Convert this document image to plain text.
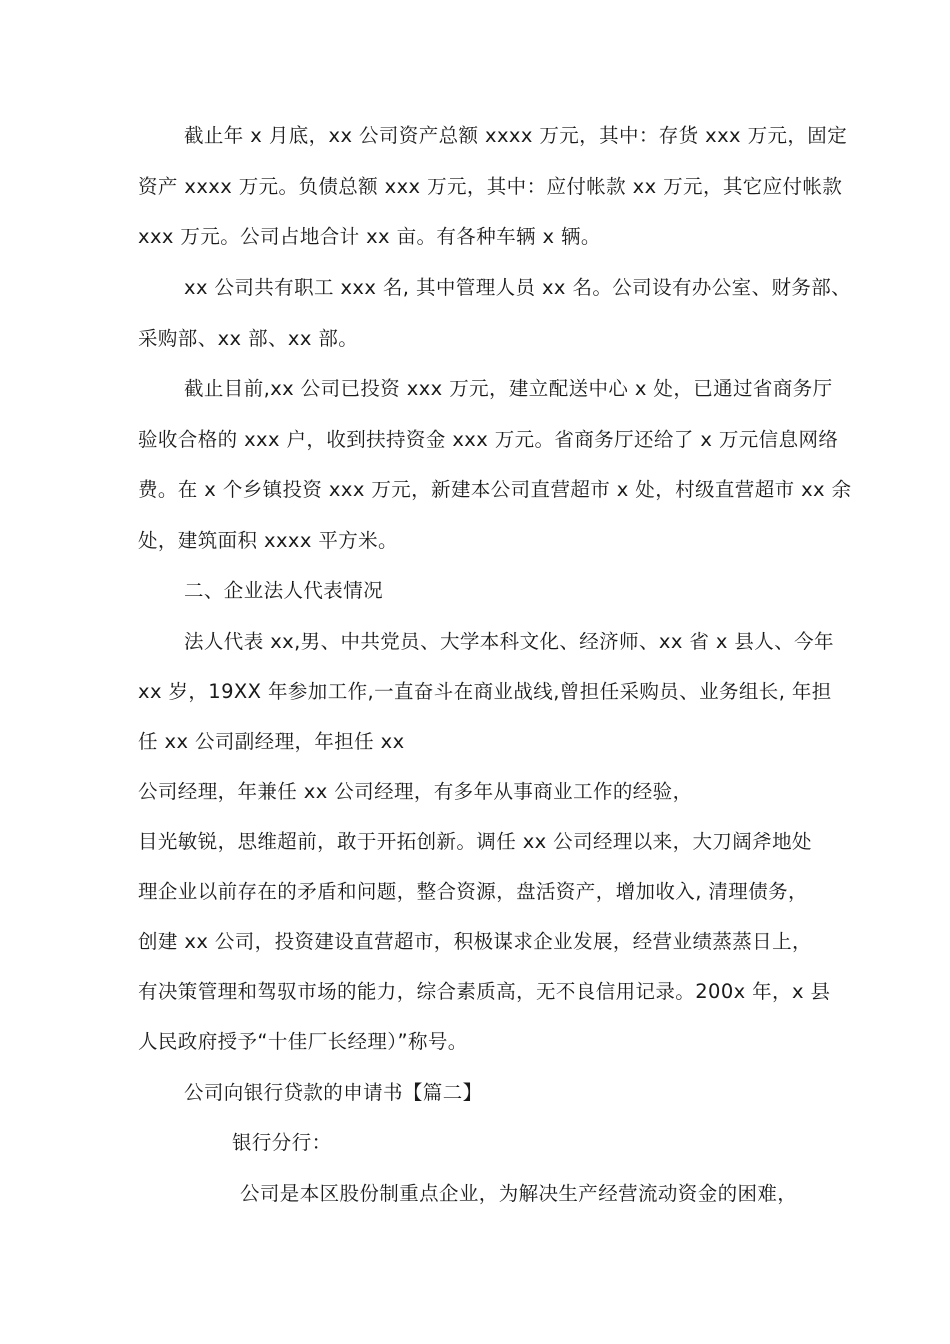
截止年 x 月底，xx 公司资产总额 xxxx 万元，其中：存货 xxx 万元，固定
资产 xxxx 万元。负债总额 xxx 万元，其中：应付帐款 xx 万元，其它应付帐款
xxx 万元。公司占地合计 xx 亩。有各种车辆 x 辆。
xx 公司共有职工 xxx 名, 其中管理人员 xx 名。公司设有办公室、财务部、
采购部、xx 部、xx 部。
截止目前,xx 公司已投资 xxx 万元，建立配送中心 x 处，已通过省商务厅
验收合格的 xxx 户，收到扶持资金 xxx 万元。省商务厅还给了 x 万元信息网络
费。在 x 个乡镇投资 xxx 万元，新建本公司直营超市 x 处，村级直营超市 xx 余
处，建筑面积 xxxx 平方米。
二、企业法人代表情况
法人代表 xx,男、中共党员、大学本科文化、经济师、xx 省 x 县人、今年
xx 岁，19XX 年参加工作,一直奋斗在商业战线,曾担任采购员、业务组长, 年担
任 xx 公司副经理，年担任 xx
公司经理，年兼任 xx 公司经理，有多年从事商业工作的经验，
目光敏锐，思维超前，敢于开拓创新。调任 xx 公司经理以来，大刀阔斧地处
理企业以前存在的矛盾和问题，整合资源，盘活资产，增加收入, 清理债务，
创建 xx 公司，投资建设直营超市，积极谋求企业发展，经营业绩蒸蒸日上，
有决策管理和驾驭市场的能力，综合素质高，无不良信用记录。200x 年，x 县
人民政府授予“十佳厂长经理）”称号。
公司向银行贷款的申请书【篇二】
银行分行：
公司是本区股份制重点企业，为解决生产经营流动资金的困难，
